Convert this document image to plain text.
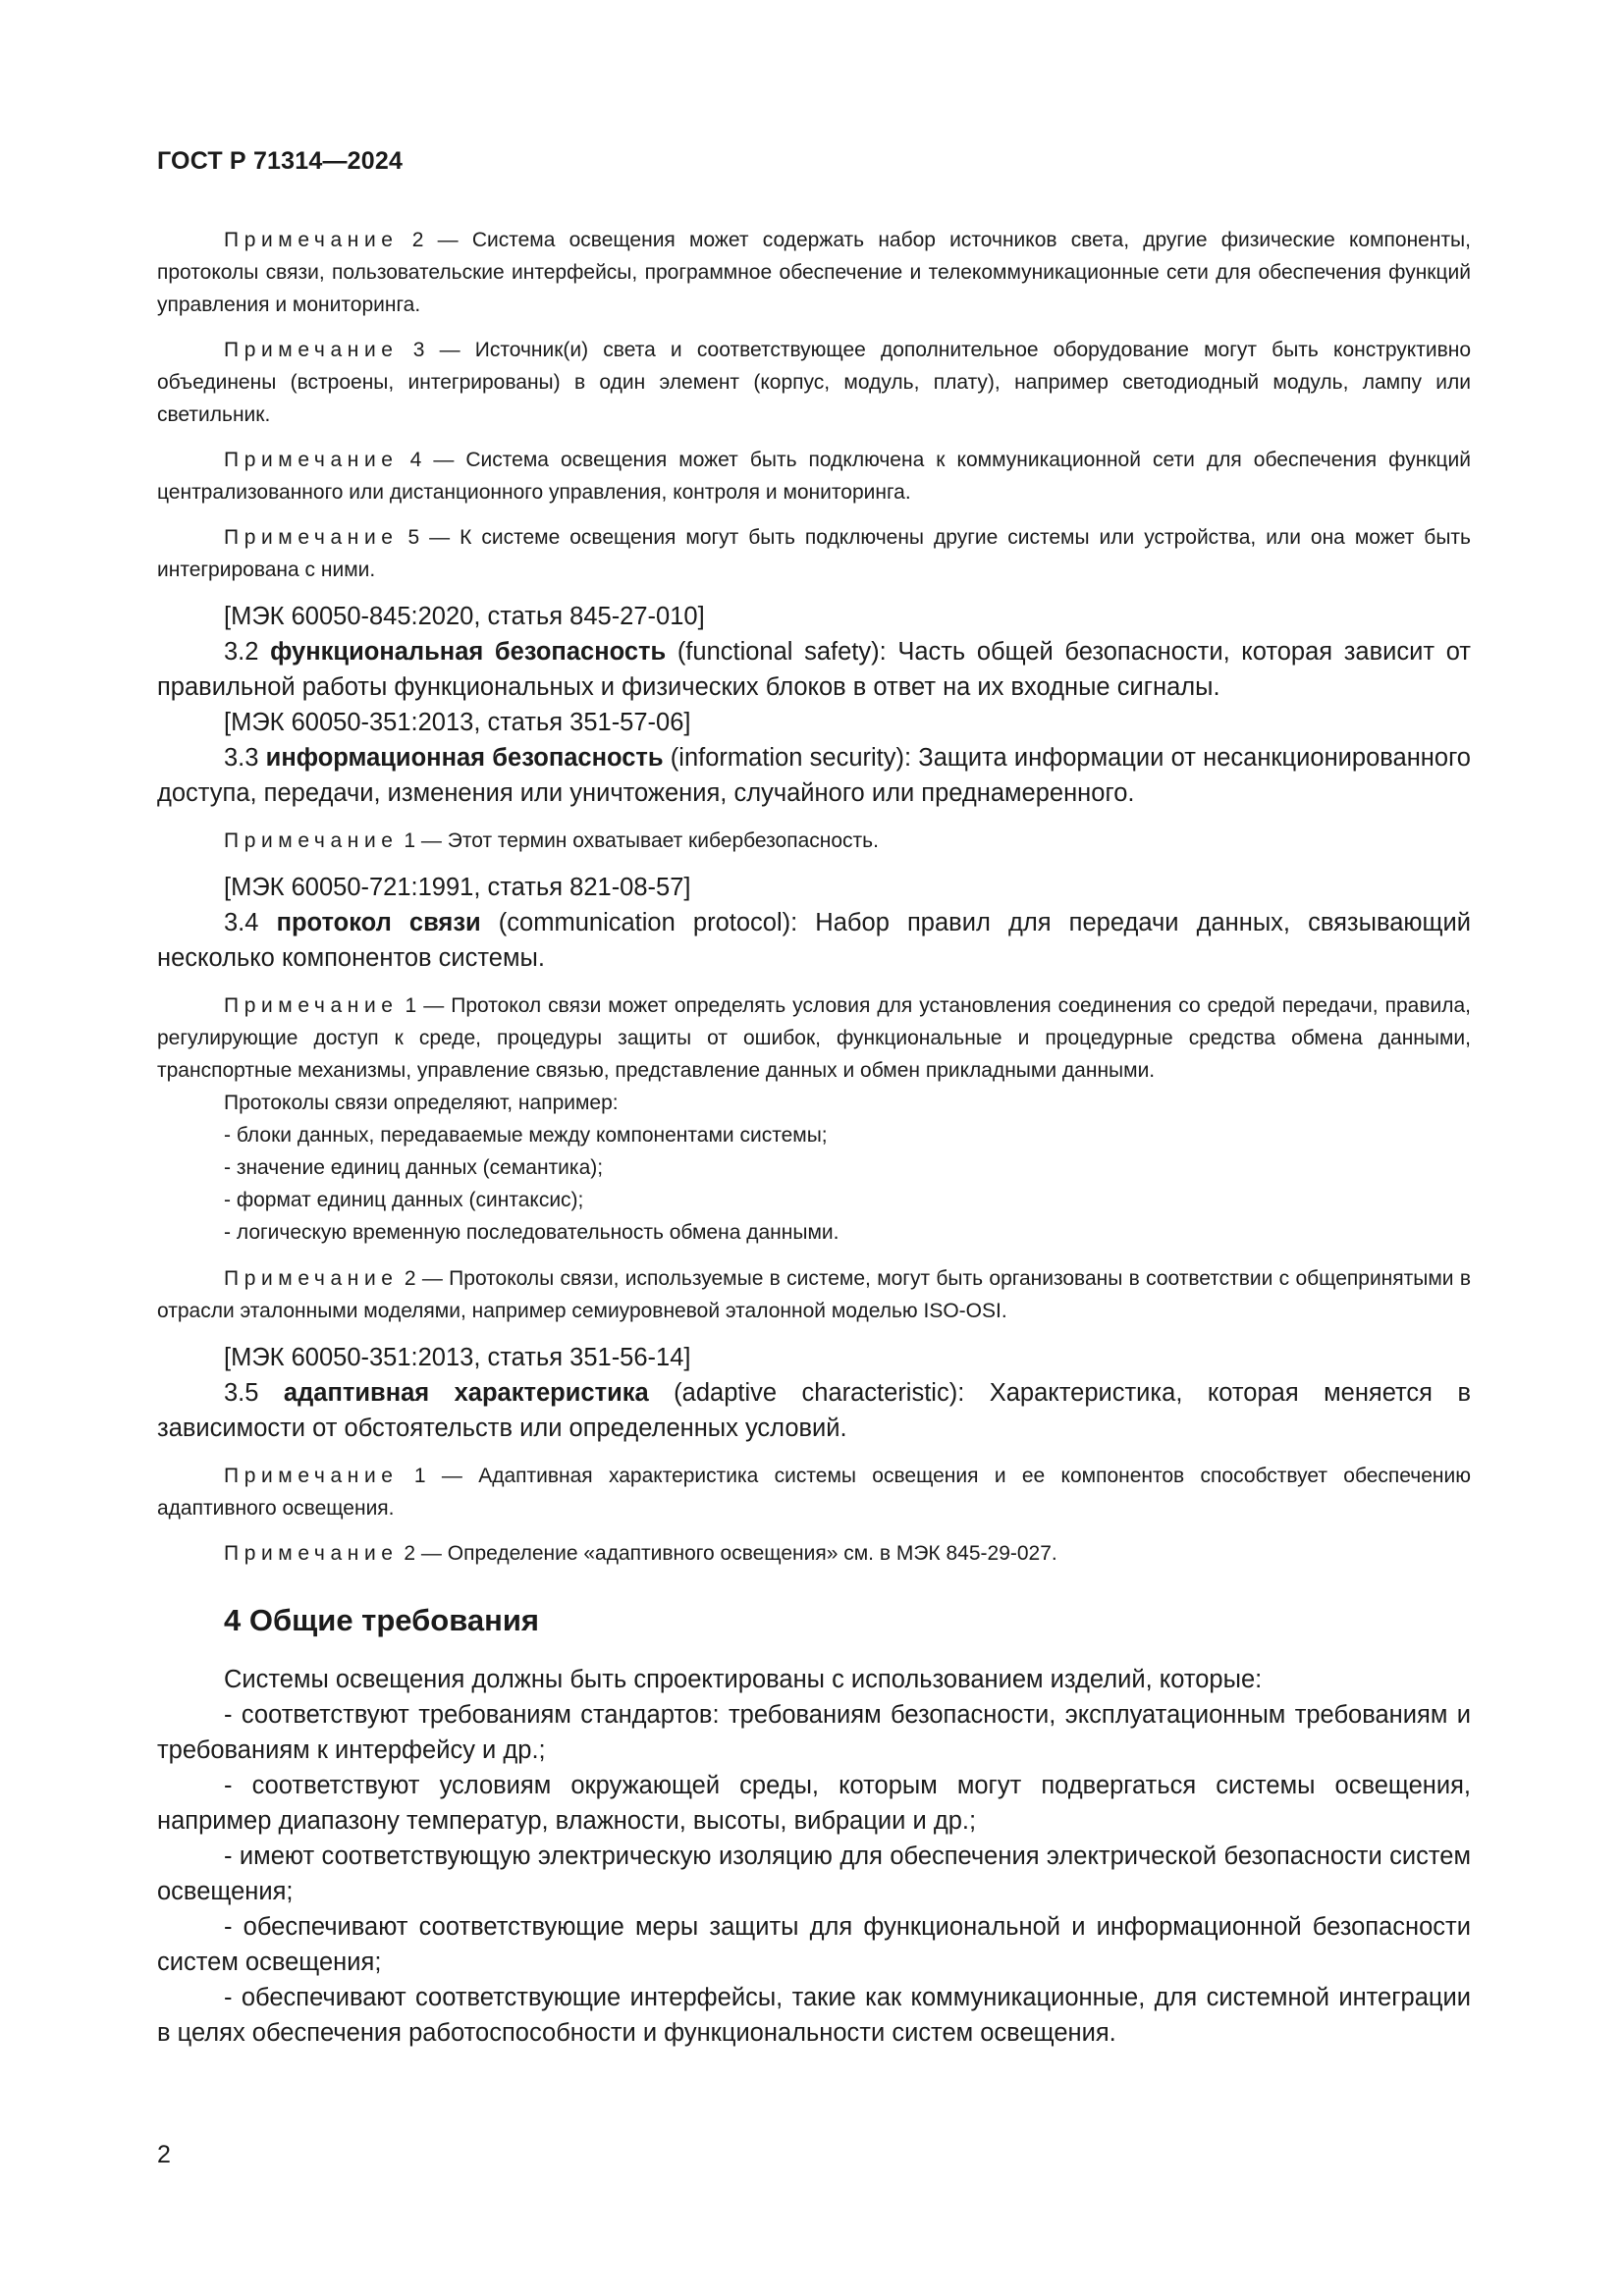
ГОСТ Р 71314—2024

Примечание 2 — Система освещения может содержать набор источников света, другие физические компоненты, протоколы связи, пользовательские интерфейсы, программное обеспечение и телекоммуникационные сети для обеспечения функций управления и мониторинга.

Примечание 3 — Источник(и) света и соответствующее дополнительное оборудование могут быть конструктивно объединены (встроены, интегрированы) в один элемент (корпус, модуль, плату), например светодиодный модуль, лампу или светильник.

Примечание 4 — Система освещения может быть подключена к коммуникационной сети для обеспечения функций централизованного или дистанционного управления, контроля и мониторинга.

Примечание 5 — К системе освещения могут быть подключены другие системы или устройства, или она может быть интегрирована с ними.

[МЭК 60050-845:2020, статья 845-27-010]

3.2 функциональная безопасность (functional safety): Часть общей безопасности, которая зависит от правильной работы функциональных и физических блоков в ответ на их входные сигналы.

[МЭК 60050-351:2013, статья 351-57-06]

3.3 информационная безопасность (information security): Защита информации от несанкционированного доступа, передачи, изменения или уничтожения, случайного или преднамеренного.

Примечание 1 — Этот термин охватывает кибербезопасность.

[МЭК 60050-721:1991, статья 821-08-57]

3.4 протокол связи (communication protocol): Набор правил для передачи данных, связывающий несколько компонентов системы.

Примечание 1 — Протокол связи может определять условия для установления соединения со средой передачи, правила, регулирующие доступ к среде, процедуры защиты от ошибок, функциональные и процедурные средства обмена данными, транспортные механизмы, управление связью, представление данных и обмен прикладными данными.

Протоколы связи определяют, например:

- блоки данных, передаваемые между компонентами системы;

- значение единиц данных (семантика);

- формат единиц данных (синтаксис);

- логическую временную последовательность обмена данными.

Примечание 2 — Протоколы связи, используемые в системе, могут быть организованы в соответствии с общепринятыми в отрасли эталонными моделями, например семиуровневой эталонной моделью ISO-OSI.

[МЭК 60050-351:2013, статья 351-56-14]

3.5 адаптивная характеристика (adaptive characteristic): Характеристика, которая меняется в зависимости от обстоятельств или определенных условий.

Примечание 1 — Адаптивная характеристика системы освещения и ее компонентов способствует обеспечению адаптивного освещения.

Примечание 2 — Определение «адаптивного освещения» см. в МЭК 845-29-027.

4 Общие требования

Системы освещения должны быть спроектированы с использованием изделий, которые:

- соответствуют требованиям стандартов: требованиям безопасности, эксплуатационным требованиям и требованиям к интерфейсу и др.;

- соответствуют условиям окружающей среды, которым могут подвергаться системы освещения, например диапазону температур, влажности, высоты, вибрации и др.;

- имеют соответствующую электрическую изоляцию для обеспечения электрической безопасности систем освещения;

- обеспечивают соответствующие меры защиты для функциональной и информационной безопасности систем освещения;

- обеспечивают соответствующие интерфейсы, такие как коммуникационные, для системной интеграции в целях обеспечения работоспособности и функциональности систем освещения.

2
